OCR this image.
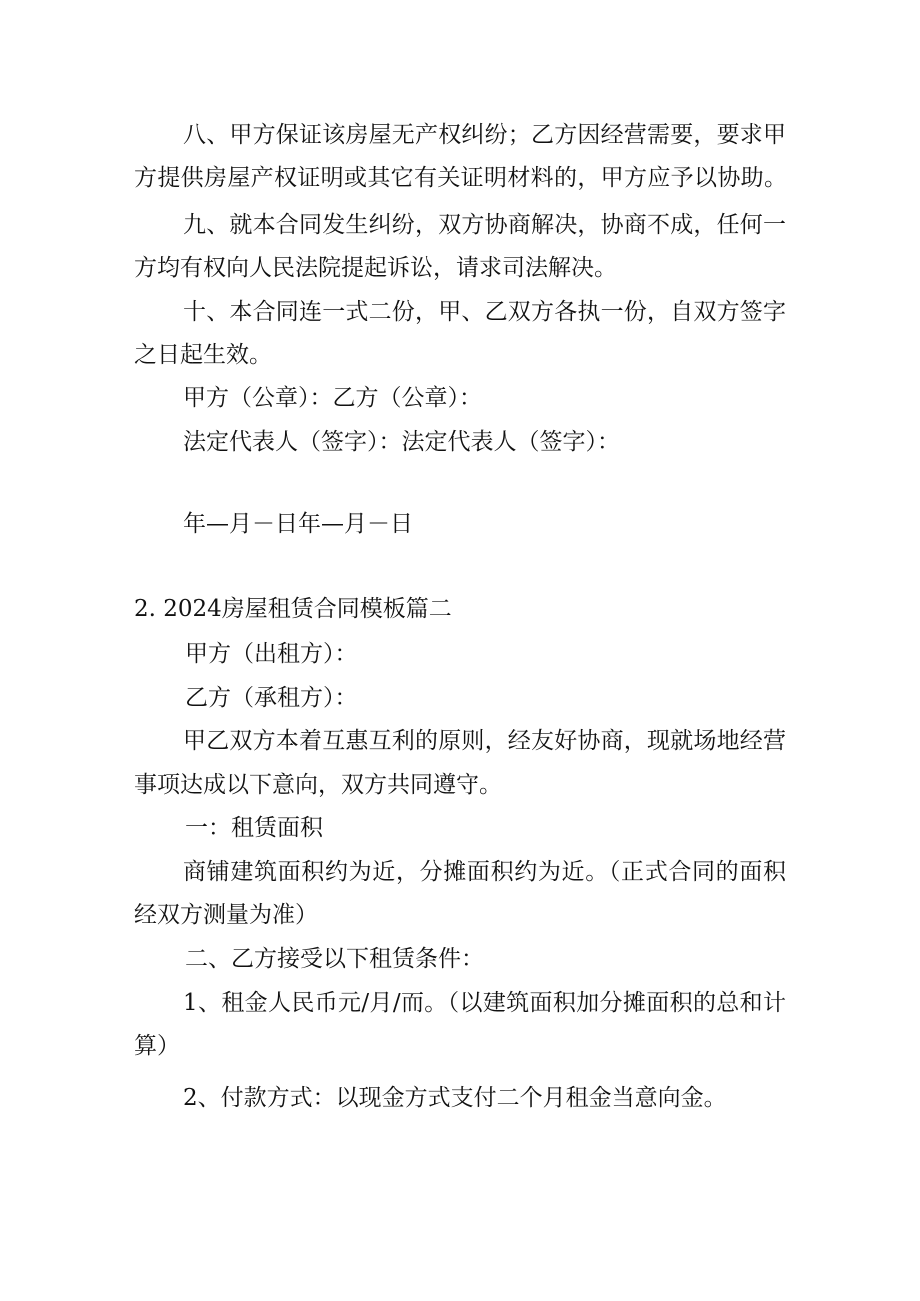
八、甲方保证该房屋无产权纠纷；乙方因经营需要，要求甲
方提供房屋产权证明或其它有关证明材料的，甲方应予以协助。
九、就本合同发生纠纷，双方协商解决，协商不成，任何一
方均有权向人民法院提起诉讼，请求司法解决。
十、本合同连一式二份，甲、乙双方各执一份，自双方签字
之日起生效。
甲方（公章）：乙方（公章）：
法定代表人（签字）：法定代表人（签字）：
年—月－日年—月－日
2. 2024房屋租赁合同模板篇二
甲方（出租方）：
乙方（承租方）：
甲乙双方本着互惠互利的原则，经友好协商，现就场地经营
事项达成以下意向，双方共同遵守。
一：租赁面积
商铺建筑面积约为近，分摊面积约为近。（正式合同的面积
经双方测量为准）
二、乙方接受以下租赁条件：
1、租金人民币元/月/而。（以建筑面积加分摊面积的总和计
算）
2、付款方式：以现金方式支付二个月租金当意向金。
